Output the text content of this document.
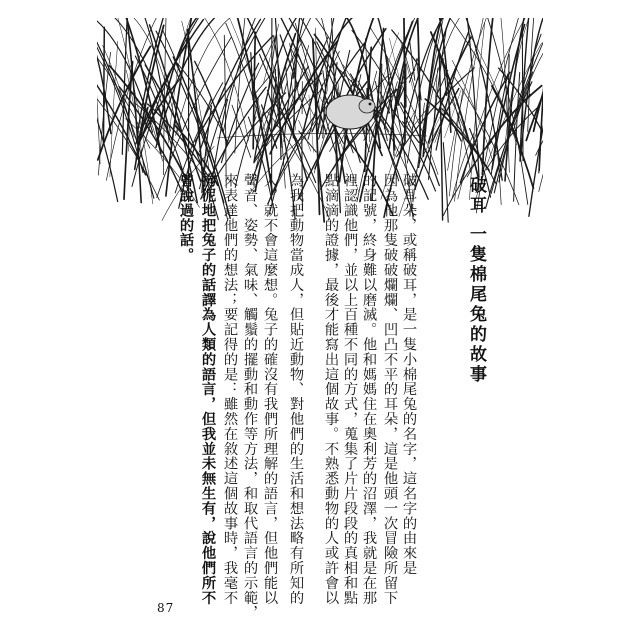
破耳 一隻棉尾兔的故事
破耳朵，或稱破耳，是一隻小棉尾兔的名字，這名字的由來是
因為他那隻破破爛爛、凹凸不平的耳朵，這是他頭一次冒險所留下
的記號，終身難以磨滅。他和媽媽住在奧利芳的沼澤，我就是在那
裡認識他們，並以上百種不同的方式，蒐集了片片段段的真相和點
點滴滴的證據，最後才能寫出這個故事。不熟悉動物的人或許會以
為我把動物當成人，但貼近動物、對他們的生活和想法略有所知的
人，就不會這麼想。兔子的確沒有我們所理解的語言，但他們能以
聲音、姿勢、氣味、觸鬚的擺動和動作等方法，和取代語言的示範，
來表達他們的想法；要記得的是：雖然在敘述這個故事時，我毫不
拘泥地把兔子的話譯為人類的語言，但我並未無生有，說他們所不
曾說過的話。
87
